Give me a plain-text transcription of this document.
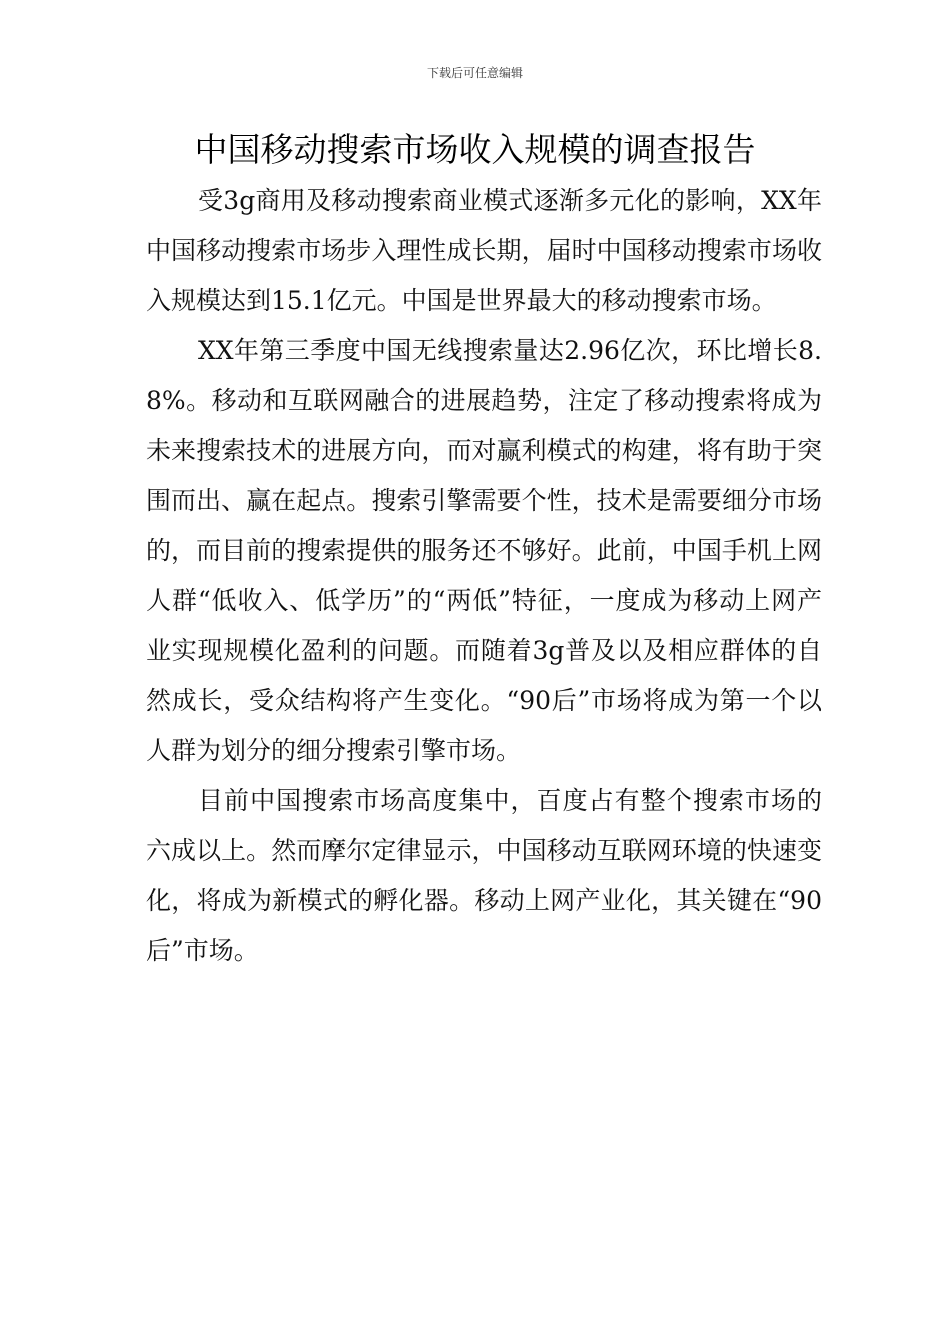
下载后可任意编辑
中国移动搜索市场收入规模的调查报告

受3g商用及移动搜索商业模式逐渐多元化的影响，XX年中国移动搜索市场步入理性成长期，届时中国移动搜索市场收入规模达到15.1亿元。中国是世界最大的移动搜索市场。

XX年第三季度中国无线搜索量达2.96亿次，环比增长8.8%。移动和互联网融合的进展趋势，注定了移动搜索将成为未来搜索技术的进展方向，而对赢利模式的构建，将有助于突围而出、赢在起点。搜索引擎需要个性，技术是需要细分市场的，而目前的搜索提供的服务还不够好。此前，中国手机上网人群“低收入、低学历”的“两低”特征，一度成为移动上网产业实现规模化盈利的问题。而随着3g普及以及相应群体的自然成长，受众结构将产生变化。“90后”市场将成为第一个以人群为划分的细分搜索引擎市场。

目前中国搜索市场高度集中，百度占有整个搜索市场的六成以上。然而摩尔定律显示，中国移动互联网环境的快速变化，将成为新模式的孵化器。移动上网产业化，其关键在“90后”市场。
